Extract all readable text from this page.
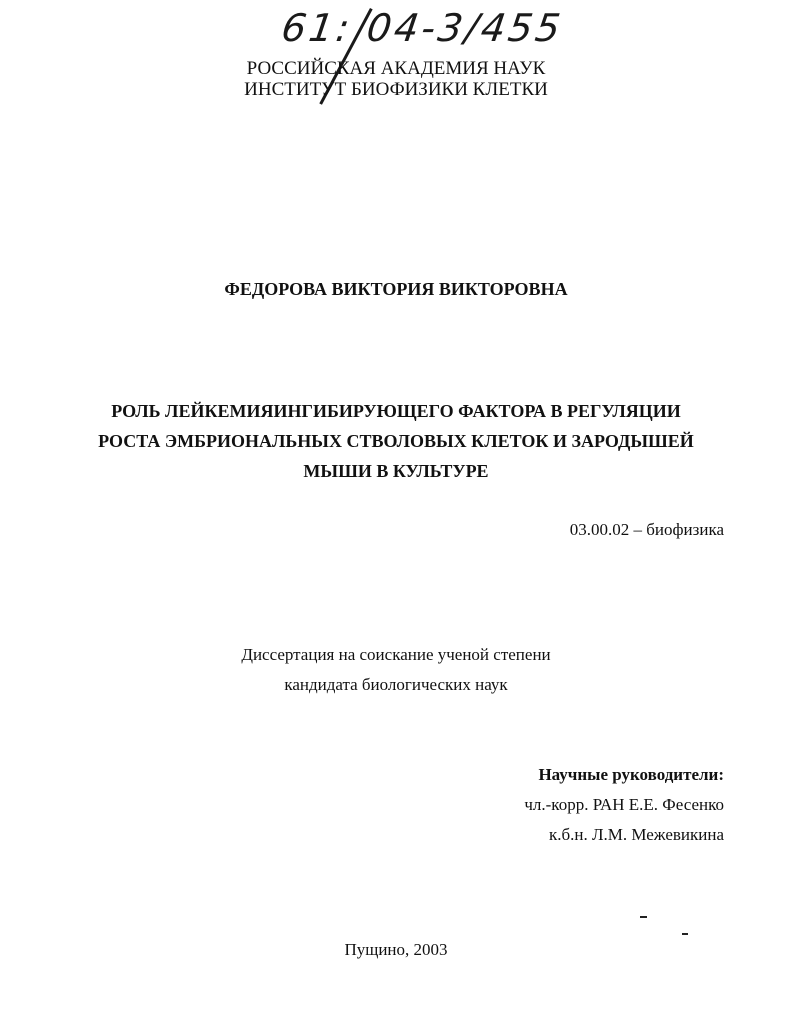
61: 04-3/455
РОССИЙСКАЯ АКАДЕМИЯ НАУК
ИНСТИТУТ БИОФИЗИКИ КЛЕТКИ
ФЕДОРОВА ВИКТОРИЯ ВИКТОРОВНА
РОЛЬ ЛЕЙКЕМИЯИНГИБИРУЮЩЕГО ФАКТОРА В РЕГУЛЯЦИИ
РОСТА ЭМБРИОНАЛЬНЫХ СТВОЛОВЫХ КЛЕТОК И ЗАРОДЫШЕЙ
МЫШИ В КУЛЬТУРЕ
03.00.02 – биофизика
Диссертация на соискание ученой степени
кандидата биологических наук
Научные руководители:
чл.-корр. РАН Е.Е. Фесенко
к.б.н. Л.М. Межевикина
Пущино, 2003
